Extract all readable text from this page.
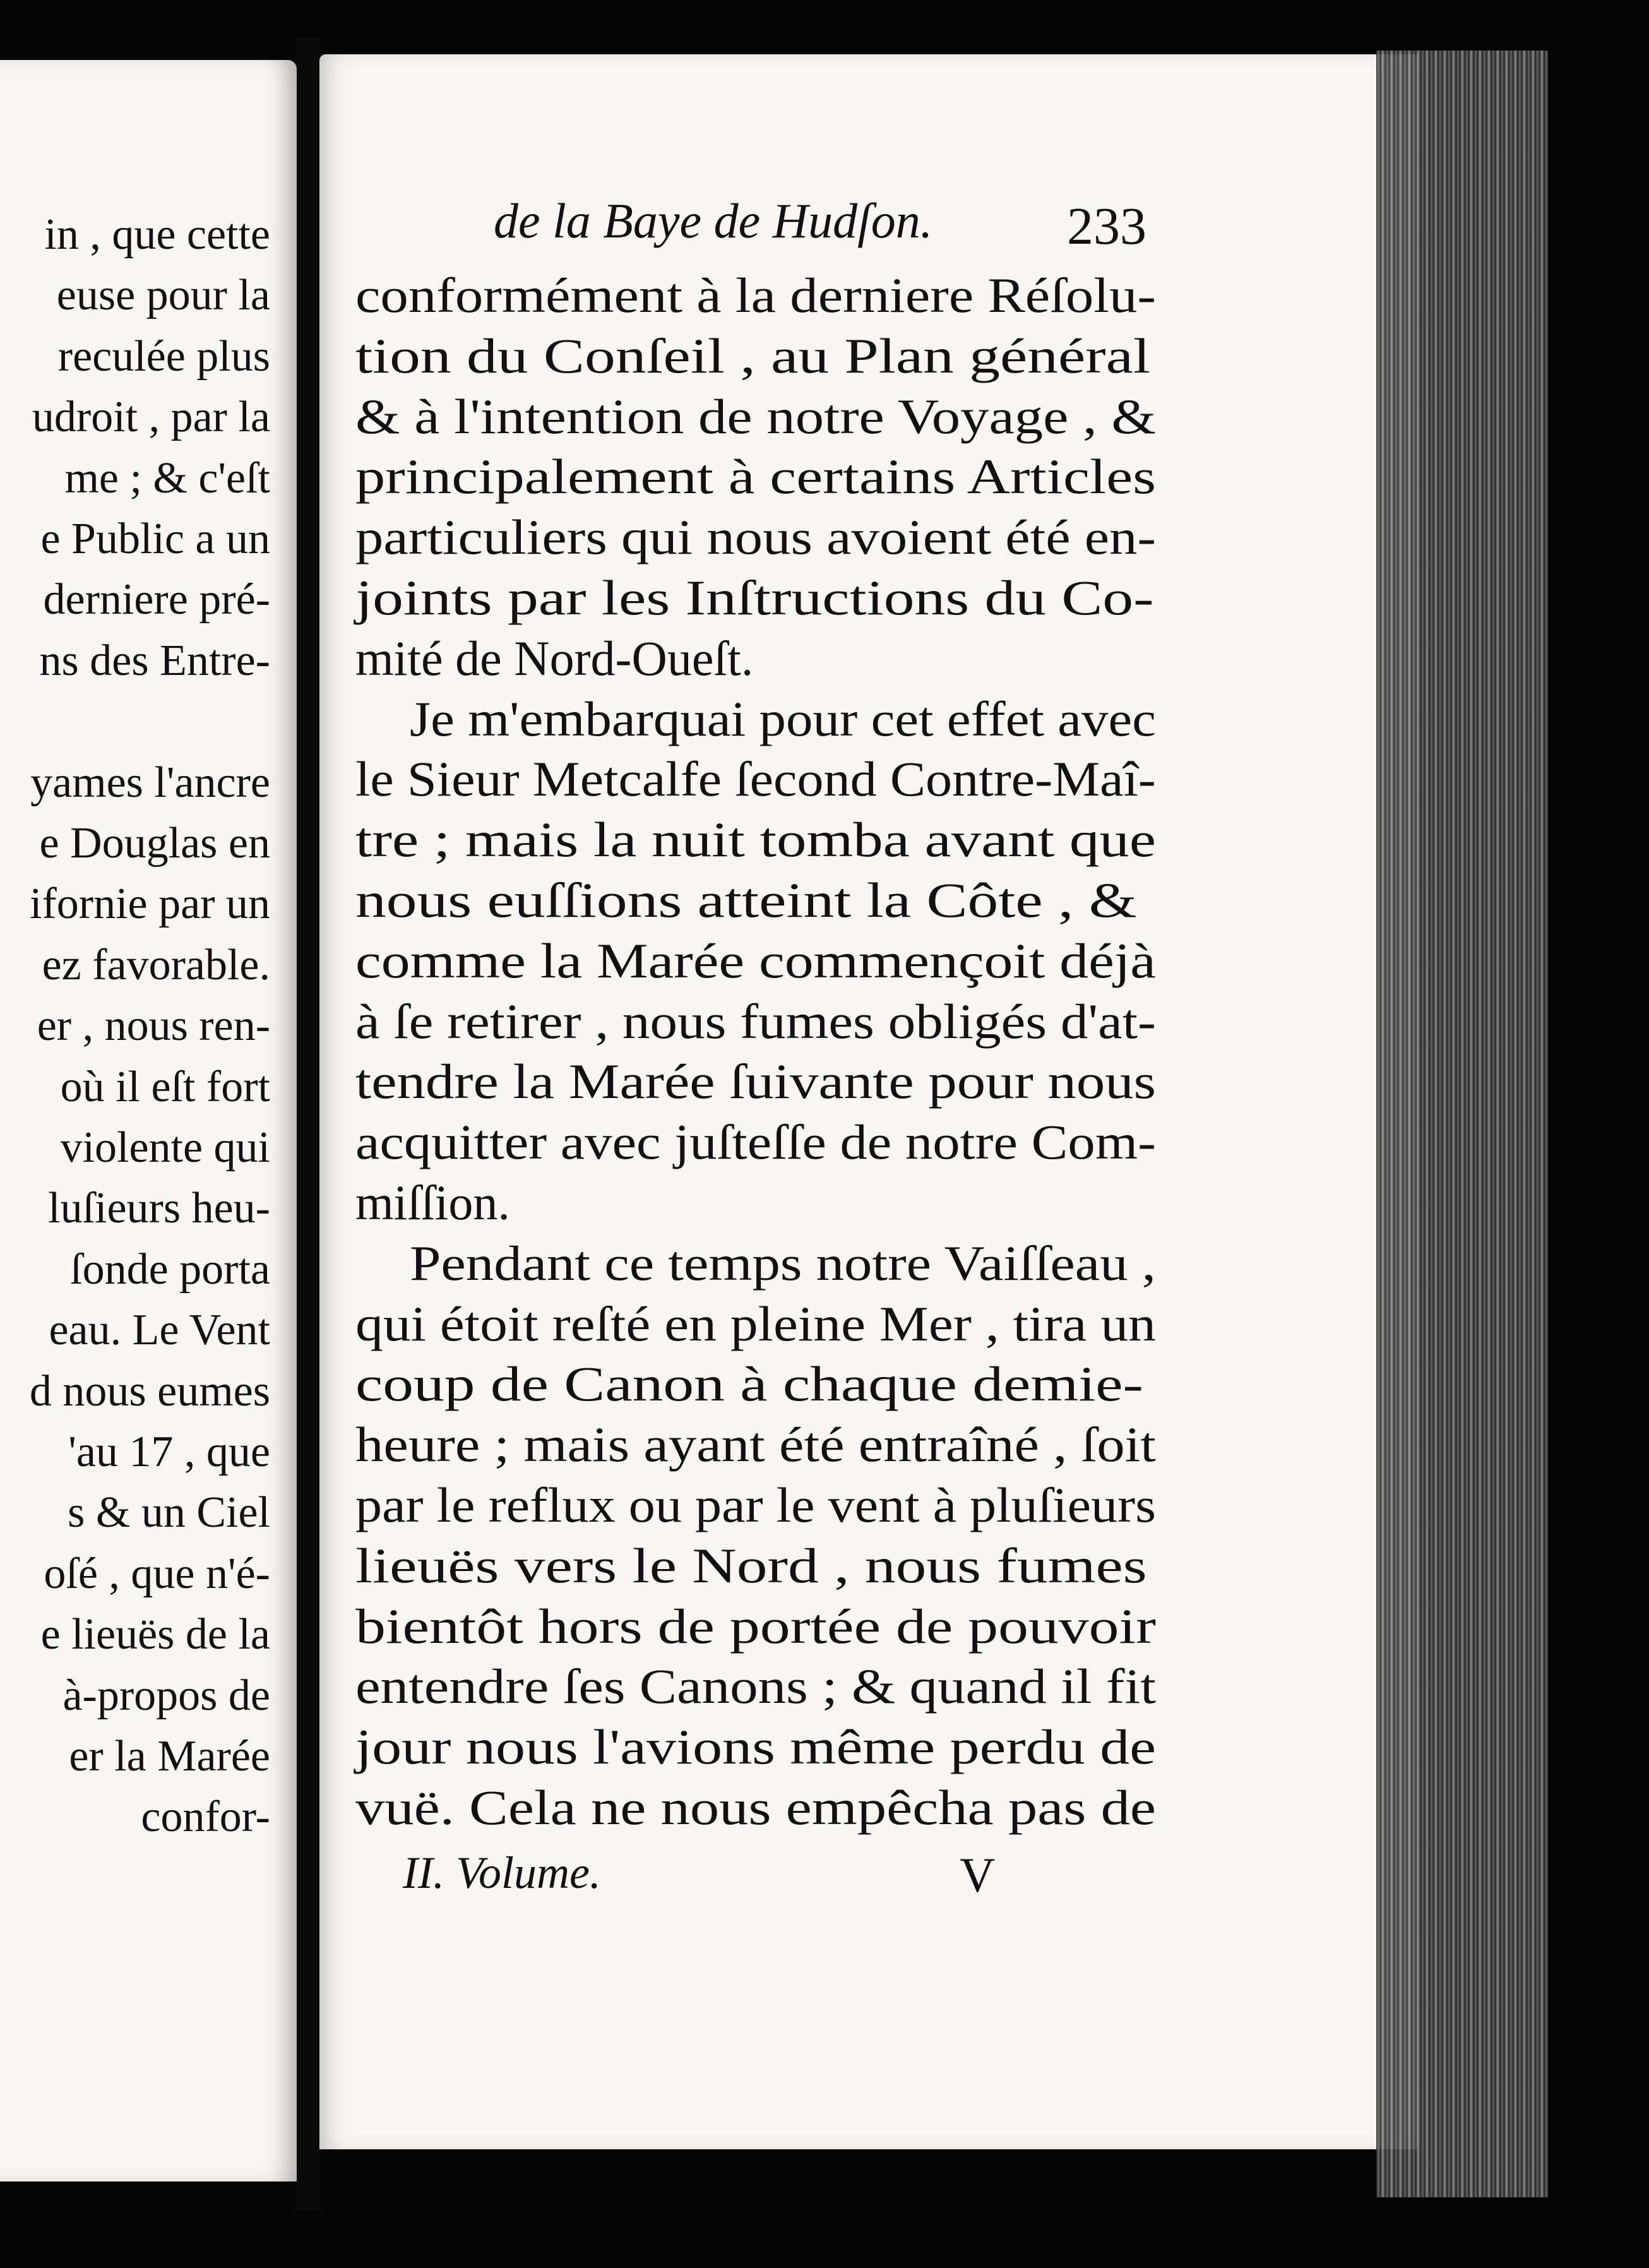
in , que cette
euse pour la
reculée plus
udroit , par la
me ; & c'eſt
e Public a un
derniere pré-
ns des Entre-
yames l'ancre
e Douglas en
ifornie par un
ez favorable.
er , nous ren-
où il eſt fort
violente qui
luſieurs heu-
ſonde porta
eau. Le Vent
d nous eumes
'au 17 , que
s & un Ciel
oſé , que n'é-
e lieuës de la
à-propos de
er la Marée
confor-
de la Baye de Hudſon.	233
II. Volume.	V
conformément à la derniere Réſolu-
tion du Conſeil , au Plan général
& à l'intention de notre Voyage , &
principalement à certains Articles
particuliers qui nous avoient été en-
joints par les Inſtructions du Co-
mité de Nord-Oueſt.
Je m'embarquai pour cet effet avec
le Sieur Metcalfe ſecond Contre-Maî-
tre ; mais la nuit tomba avant que
nous euſſions atteint la Côte , &
comme la Marée commençoit déjà
à ſe retirer , nous fumes obligés d'at-
tendre la Marée ſuivante pour nous
acquitter avec juſteſſe de notre Com-
miſſion.
Pendant ce temps notre Vaiſſeau ,
qui étoit reſté en pleine Mer , tira un
coup de Canon à chaque demie-
heure ; mais ayant été entraîné , ſoit
par le reflux ou par le vent à pluſieurs
lieuës vers le Nord , nous fumes
bientôt hors de portée de pouvoir
entendre ſes Canons ; & quand il fit
jour nous l'avions même perdu de
vuë. Cela ne nous empêcha pas de
